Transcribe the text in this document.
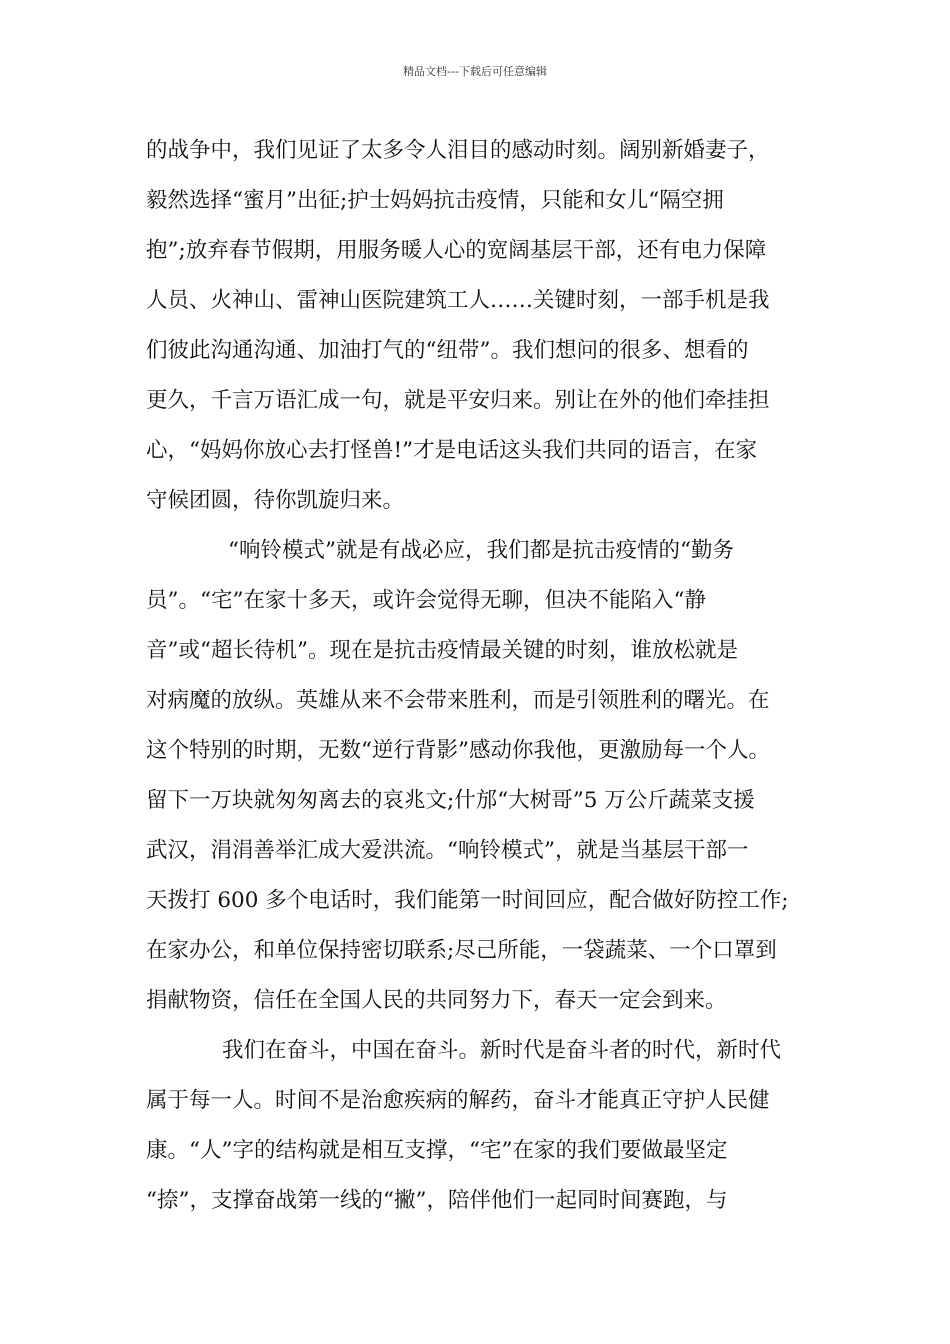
精品文档---下载后可任意编辑
的战争中，我们见证了太多令人泪目的感动时刻。阔别新婚妻子，
毅然选择“蜜月”出征;护士妈妈抗击疫情，只能和女儿“隔空拥
抱”;放弃春节假期，用服务暖人心的宽阔基层干部，还有电力保障
人员、火神山、雷神山医院建筑工人……关键时刻，一部手机是我
们彼此沟通沟通、加油打气的“纽带”。我们想问的很多、想看的
更久，千言万语汇成一句，就是平安归来。别让在外的他们牵挂担
心，“妈妈你放心去打怪兽!”才是电话这头我们共同的语言，在家
守候团圆，待你凯旋归来。
“响铃模式”就是有战必应，我们都是抗击疫情的“勤务
员”。“宅”在家十多天，或许会觉得无聊，但决不能陷入“静
音”或“超长待机”。现在是抗击疫情最关键的时刻，谁放松就是
对病魔的放纵。英雄从来不会带来胜利，而是引领胜利的曙光。在
这个特别的时期，无数“逆行背影”感动你我他，更激励每一个人。
留下一万块就匆匆离去的哀兆文;什邡“大树哥”5 万公斤蔬菜支援
武汉，涓涓善举汇成大爱洪流。“响铃模式”，就是当基层干部一
天拨打 600 多个电话时，我们能第一时间回应，配合做好防控工作;
在家办公，和单位保持密切联系;尽己所能，一袋蔬菜、一个口罩到
捐献物资，信任在全国人民的共同努力下，春天一定会到来。
我们在奋斗，中国在奋斗。新时代是奋斗者的时代，新时代
属于每一人。时间不是治愈疾病的解药，奋斗才能真正守护人民健
康。“人”字的结构就是相互支撑，“宅”在家的我们要做最坚定
“捺”，支撑奋战第一线的“撇”，陪伴他们一起同时间赛跑，与
